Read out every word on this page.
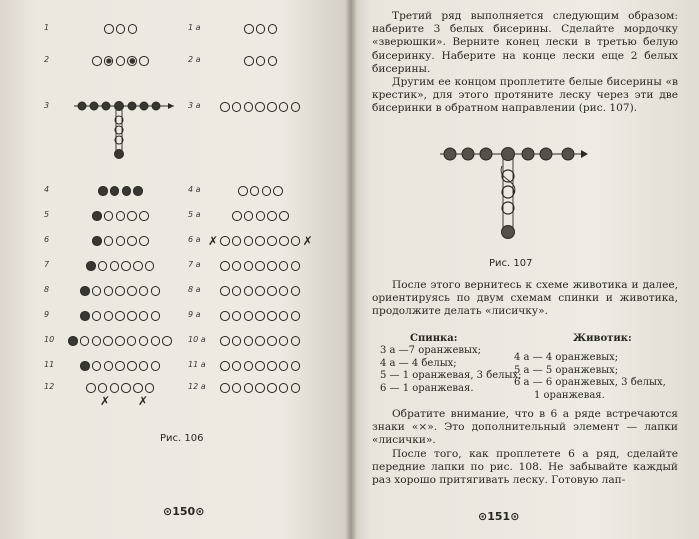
1
2
3
4
5
6
7
8
9
10
11
12
✗ ✗
1 а
2 а
3 а
4 а
5 а
6 а ✗	✗
7 а
8 а
9 а
10 а
11 а
12 а
Рис. 106
⊙150⊙

Третий ряд выполняется следующим образом: наберите 3 белых бисерины. Сделайте мордочку «зверюшки». Верните конец лески в третью белую бисеринку. Наберите на конце лески еще 2 белых бисерины.

Другим ее концом проплетите белые бисерины «в крестик», для этого протяните леску через эти две бисеринки в обратном направлении (рис. 107).

Рис. 107

После этого вернитесь к схеме животика и далее, ориентируясь по двум схемам спинки и животика, продолжите делать «лисичку».

Спинка:	Животик:
3 а —7 оранжевых;
4 а — 4 белых;
5 — 1 оранжевая, 3 белых;
6 — 1 оранжевая.
4 а — 4 оранжевых;
5 а — 5 оранжевых;
6 а — 6 оранжевых, 3 белых,
1 оранжевая.

Обратите внимание, что в 6 а ряде встречаются знаки «×». Это дополнительный элемент — лапки «лисички».

После того, как проплетете 6 а ряд, сделайте передние лапки по рис. 108. Не забывайте каждый раз хорошо притягивать леску. Готовую лап-

⊙151⊙
